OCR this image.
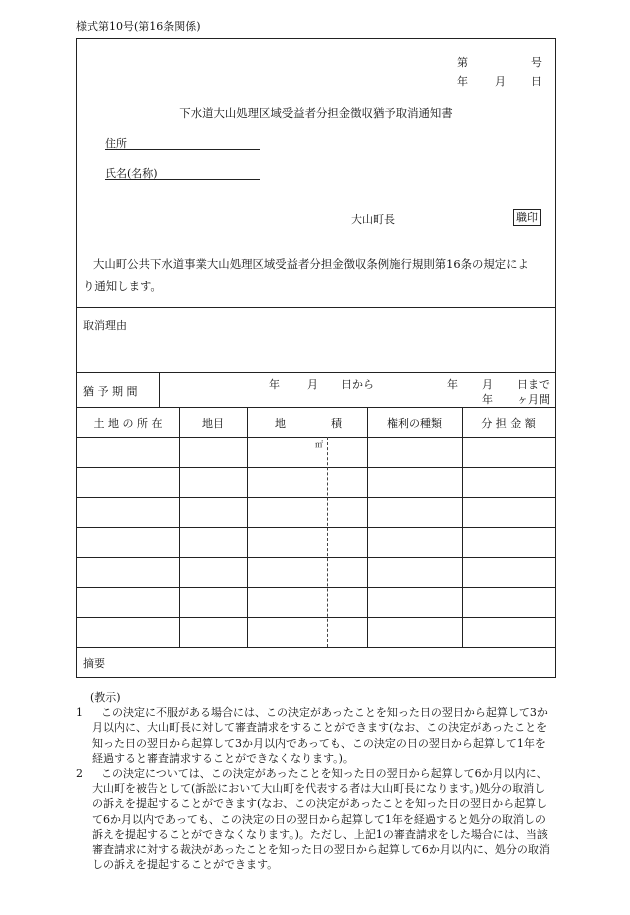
様式第10号(第16条関係)
第	号
年 月 日
下水道大山処理区域受益者分担金徴収猶予取消通知書
住所
氏名(名称)
大山町長	職印
大山町公共下水道事業大山処理区域受益者分担金徴収条例施行規則第16条の規定によ
り通知します。
取消理由
猶 予 期 間
年 月 日から	年 月 日まで
年 ヶ月間
土 地 の 所 在	地目	地	積	権利の種類	分 担 金 額
㎡
摘要
(教示)
1	この決定に不服がある場合には、この決定があったことを知った日の翌日から起算して3か月以内に、大山町長に対して審査請求をすることができます(なお、この決定があったことを知った日の翌日から起算して3か月以内であっても、この決定の日の翌日から起算して1年を経過すると審査請求することができなくなります。)。
2	この決定については、この決定があったことを知った日の翌日から起算して6か月以内に、大山町を被告として(訴訟において大山町を代表する者は大山町長になります。)処分の取消しの訴えを提起することができます(なお、この決定があったことを知った日の翌日から起算して6か月以内であっても、この決定の日の翌日から起算して1年を経過すると処分の取消しの訴えを提起することができなくなります。)。ただし、上記1の審査請求をした場合には、当該審査請求に対する裁決があったことを知った日の翌日から起算して6か月以内に、処分の取消しの訴えを提起することができます。
